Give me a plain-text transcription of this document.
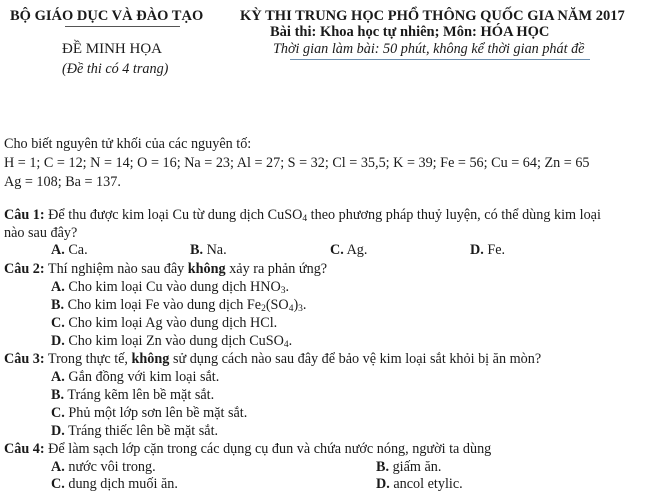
BỘ GIÁO DỤC VÀ ĐÀO TẠO
ĐỀ MINH HỌA
(Đề thi có 4 trang)
KỲ THI TRUNG HỌC PHỔ THÔNG QUỐC GIA NĂM 2017
Bài thi: Khoa học tự nhiên; Môn: HÓA HỌC
Thời gian làm bài: 50 phút, không kể thời gian phát đề
Cho biết nguyên tử khối của các nguyên tố:
H = 1; C = 12; N = 14; O = 16; Na = 23; Al = 27; S = 32; Cl = 35,5; K = 39; Fe = 56; Cu = 64; Zn = 65
Ag = 108; Ba = 137.
Câu 1: Để thu được kim loại Cu từ dung dịch CuSO$_4$ theo phương pháp thuỷ luyện, có thể dùng kim loại
nào sau đây?
A. Ca.	B. Na.	C. Ag.	D. Fe.
Câu 2: Thí nghiệm nào sau đây không xảy ra phản ứng?
A. Cho kim loại Cu vào dung dịch $HNO_3$.
B. Cho kim loại Fe vào dung dịch $Fe_2(SO_4)_3$.
C. Cho kim loại Ag vào dung dịch HCl.
D. Cho kim loại Zn vào dung dịch CuSO$_4$.
Câu 3: Trong thực tế, không sử dụng cách nào sau đây để bảo vệ kim loại sắt khỏi bị ăn mòn?
A. Gắn đồng với kim loại sắt.
B. Tráng kẽm lên bề mặt sắt.
C. Phủ một lớp sơn lên bề mặt sắt.
D. Tráng thiếc lên bề mặt sắt.
Câu 4: Để làm sạch lớp cặn trong các dụng cụ đun và chứa nước nóng, người ta dùng
A. nước vôi trong.	B. giấm ăn.
C. dung dịch muối ăn.	D. ancol etylic.
